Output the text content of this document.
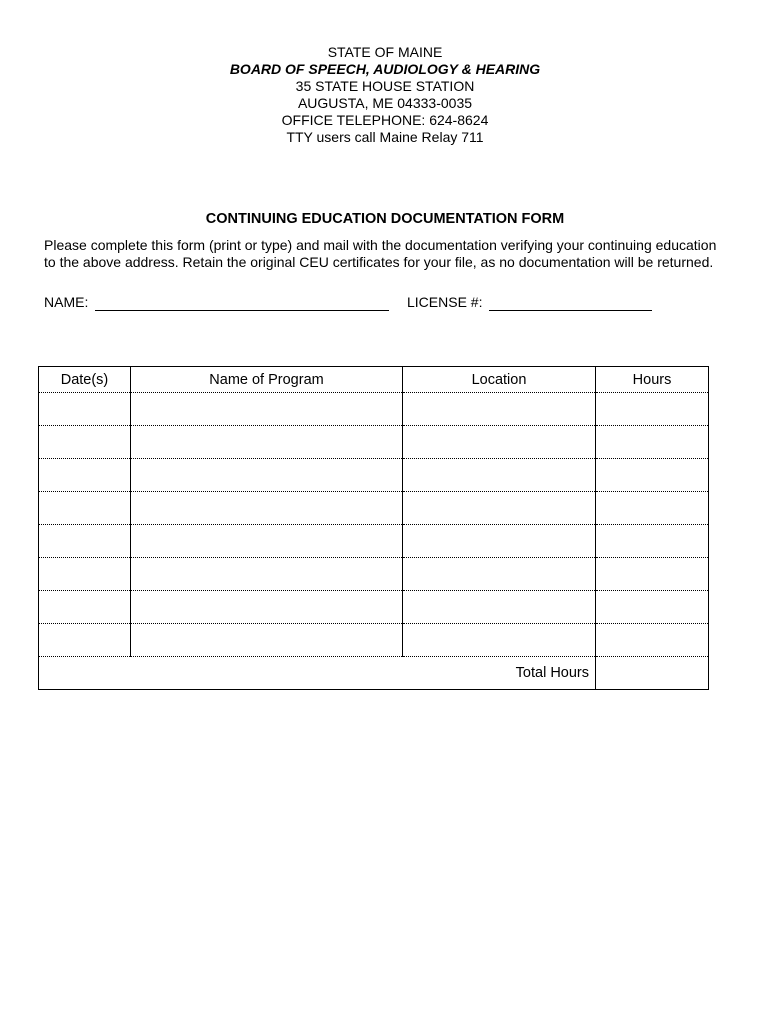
STATE OF MAINE
BOARD OF SPEECH, AUDIOLOGY & HEARING
35 STATE HOUSE STATION
AUGUSTA, ME 04333-0035
OFFICE TELEPHONE: 624-8624
TTY users call Maine Relay 711
CONTINUING EDUCATION DOCUMENTATION FORM
Please complete this form (print or type) and mail with the documentation verifying your continuing education
to the above address. Retain the original CEU certificates for your file, as no documentation will be returned.
NAME:	LICENSE #:
Date(s)	Name of Program	Location	Hours

Total Hours			
